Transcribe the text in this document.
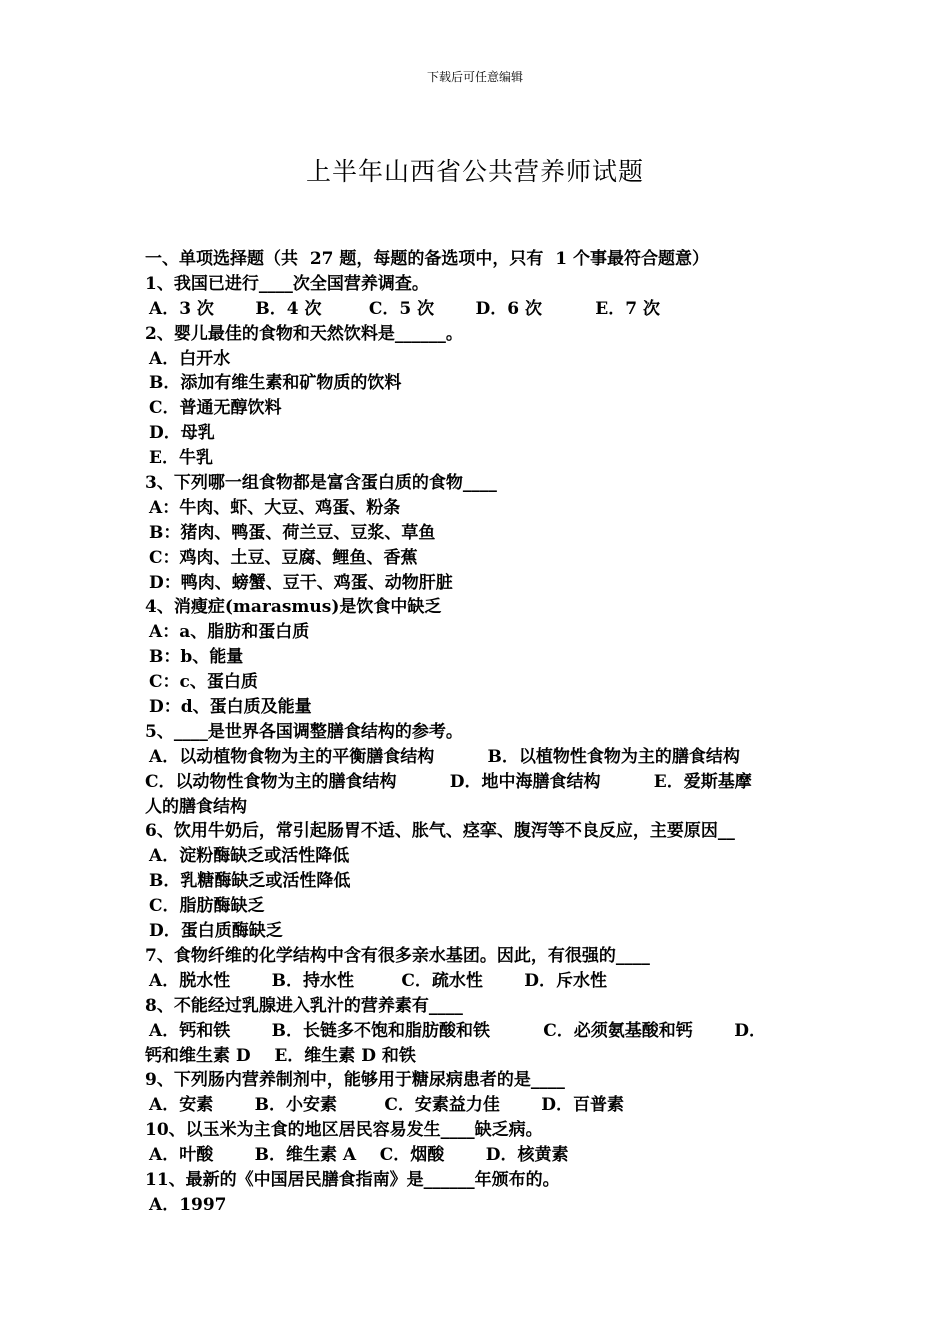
下载后可任意编辑
上半年山西省公共营养师试题
一、单项选择题（共  27 题，每题的备选项中，只有  1 个事最符合题意）
1、我国已进行____次全国营养调查。
A．3 次       B．4 次        C．5 次       D．6 次         E．7 次
2、婴儿最佳的食物和天然饮料是______。
A．白开水
B．添加有维生素和矿物质的饮料
C．普通无醇饮料
D．母乳
E．牛乳
3、下列哪一组食物都是富含蛋白质的食物____
A：牛肉、虾、大豆、鸡蛋、粉条
B：猪肉、鸭蛋、荷兰豆、豆浆、草鱼
C：鸡肉、土豆、豆腐、鲤鱼、香蕉
D：鸭肉、螃蟹、豆干、鸡蛋、动物肝脏
4、消瘦症(marasmus)是饮食中缺乏
A：a、脂肪和蛋白质
B：b、能量
C：c、蛋白质
D：d、蛋白质及能量
5、____是世界各国调整膳食结构的参考。
A．以动植物食物为主的平衡膳食结构         B．以植物性食物为主的膳食结构
C．以动物性食物为主的膳食结构         D．地中海膳食结构         E．爱斯基摩
人的膳食结构
6、饮用牛奶后，常引起肠胃不适、胀气、痉挛、腹泻等不良反应，主要原因__
A．淀粉酶缺乏或活性降低
B．乳糖酶缺乏或活性降低
C．脂肪酶缺乏
D．蛋白质酶缺乏
7、食物纤维的化学结构中含有很多亲水基团。因此，有很强的____
A．脱水性       B．持水性        C．疏水性       D．斥水性
8、不能经过乳腺进入乳汁的营养素有____
A．钙和铁       B．长链多不饱和脂肪酸和铁         C．必须氨基酸和钙       D．
钙和维生素 D    E．维生素 D 和铁
9、下列肠内营养制剂中，能够用于糖尿病患者的是____
A．安素       B．小安素        C．安素益力佳       D．百普素
10、以玉米为主食的地区居民容易发生____缺乏病。
A．叶酸       B．维生素 A    C．烟酸       D．核黄素
11、最新的《中国居民膳食指南》是______年颁布的。
A．1997
